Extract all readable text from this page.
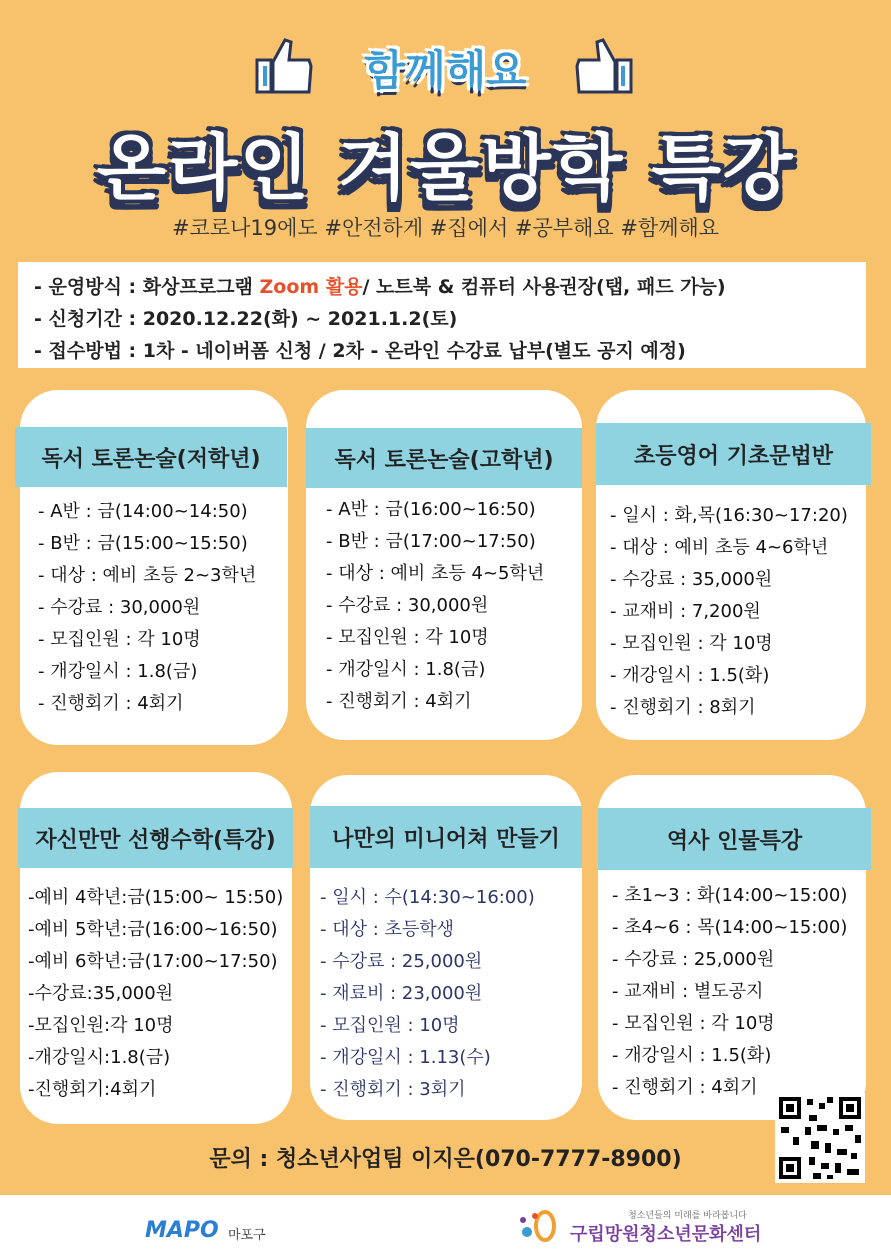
함께해요
온라인 겨울방학 특강
#코로나19에도 #안전하게 #집에서 #공부해요 #함께해요
- 운영방식 : 화상프로그램 Zoom 활용/ 노트북 & 컴퓨터 사용권장(탭, 패드 가능)
- 신청기간 : 2020.12.22(화) ~ 2021.1.2(토)
- 접수방법 : 1차 - 네이버폼 신청 / 2차 - 온라인 수강료 납부(별도 공지 예정)
독서 토론논술(저학년)
- A반 : 금(14:00~14:50)
- B반 : 금(15:00~15:50)
- 대상 : 예비 초등 2~3학년
- 수강료 : 30,000원
- 모집인원 : 각 10명
- 개강일시 : 1.8(금)
- 진행회기 : 4회기
독서 토론논술(고학년)
- A반 : 금(16:00~16:50)
- B반 : 금(17:00~17:50)
- 대상 : 예비 초등 4~5학년
- 수강료 : 30,000원
- 모집인원 : 각 10명
- 개강일시 : 1.8(금)
- 진행회기 : 4회기
초등영어 기초문법반
- 일시 : 화,목(16:30~17:20)
- 대상 : 예비 초등 4~6학년
- 수강료 : 35,000원
- 교재비 : 7,200원
- 모집인원 : 각 10명
- 개강일시 : 1.5(화)
- 진행회기 : 8회기
자신만만 선행수학(특강)
-예비 4학년:금(15:00~ 15:50)
-예비 5학년:금(16:00~16:50)
-예비 6학년:금(17:00~17:50)
-수강료:35,000원
-모집인원:각 10명
-개강일시:1.8(금)
-진행회기:4회기
나만의 미니어쳐 만들기
- 일시 : 수(14:30~16:00)
- 대상 : 초등학생
- 수강료 : 25,000원
- 재료비 : 23,000원
- 모집인원 : 10명
- 개강일시 : 1.13(수)
- 진행회기 : 3회기
역사 인물특강
- 초1~3 : 화(14:00~15:00)
- 초4~6 : 목(14:00~15:00)
- 수강료 : 25,000원
- 교재비 : 별도공지
- 모집인원 : 각 10명
- 개강일시 : 1.5(화)
- 진행회기 : 4회기
문의 : 청소년사업팀 이지은(070-7777-8900)
MAPO 마포구
청소년들의 미래를 바라봅니다
구립망원청소년문화센터
